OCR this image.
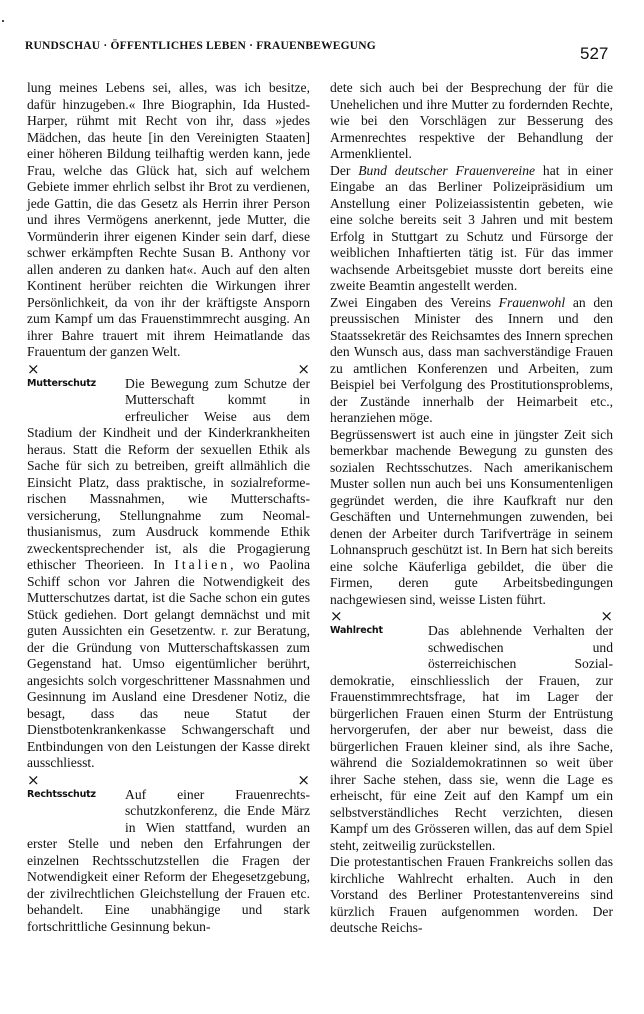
RUNDSCHAU · ÖFFENTLICHES LEBEN · FRAUENBEWEGUNG	527

lung meines Lebens sei, alles, was ich besitze, dafür hinzugeben.« Ihre Biographin, Ida Husted-Harper, rühmt mit Recht von ihr, dass »jedes Mädchen, das heute [in den Vereinigten Staaten] einer höheren Bildung teilhaftig werden kann, jede Frau, welche das Glück hat, sich auf welchem Gebiete immer ehrlich selbst ihr Brot zu verdienen, jede Gattin, die das Gesetz als Herrin ihrer Person und ihres Vermögens anerkennt, jede Mutter, die Vormünderin ihrer eigenen Kinder sein darf, diese schwer erkämpften Rechte Susan B. Anthony vor allen anderen zu danken hat«. Auch auf den alten Kontinent herüber reichten die Wirkungen ihrer Persönlichkeit, da von ihr der kräftigste Ansporn zum Kampf um das Frauenstimmrecht ausging. An ihrer Bahre trauert mit ihrem Heimatlande das Frauentum der ganzen Welt.

×	×
Mutterschutz	Die Bewegung zum Schutze der Mutterschaft kommt in erfreulicher Weise aus dem Stadium der Kindheit und der Kinderkrankheiten heraus. Statt die Reform der sexuellen Ethik als Sache für sich zu betreiben, greift allmählich die Einsicht Platz, dass praktische, in sozialreformerischen Massnahmen, wie Mutterschaftsversicherung, Stellungnahme zum Neomalthusianismus, zum Ausdruck kommende Ethik zweckentsprechender ist, als die Progagierung ethischer Theorieen. In Italien, wo Paolina Schiff schon vor Jahren die Notwendigkeit des Mutterschutzes dartat, ist die Sache schon ein gutes Stück gediehen. Dort gelangt demnächst und mit guten Aussichten ein Gesetzentw. r. zur Beratung, der die Gründung von Mutterschaftskassen zum Gegenstand hat. Umso eigentümlicher berührt, angesichts solch vorgeschrittener Massnahmen und Gesinnung im Ausland eine Dresdener Notiz, die besagt, dass das neue Statut der Dienstbotenkrankenkasse Schwangerschaft und Entbindungen von den Leistungen der Kasse direkt ausschliesst.

×	×
Rechtsschutz	Auf einer Frauenrechtsschutzkonferenz, die Ende März in Wien stattfand, wurden an erster Stelle und neben den Erfahrungen der einzelnen Rechtsschutzstellen die Fragen der Notwendigkeit einer Reform der Ehegesetzgebung, der zivilrechtlichen Gleichstellung der Frauen etc. behandelt. Eine unabhängige und stark fortschrittliche Gesinnung bekun-

dete sich auch bei der Besprechung der für die Unehelichen und ihre Mutter zu fordernden Rechte, wie bei den Vorschlägen zur Besserung des Armenrechtes respektive der Behandlung der Armenklientel.

Der Bund deutscher Frauenvereine hat in einer Eingabe an das Berliner Polizeipräsidium um Anstellung einer Polizeiassistentin gebeten, wie eine solche bereits seit 3 Jahren und mit bestem Erfolg in Stuttgart zu Schutz und Fürsorge der weiblichen Inhaftierten tätig ist. Für das immer wachsende Arbeitsgebiet musste dort bereits eine zweite Beamtin angestellt werden.

Zwei Eingaben des Vereins Frauenwohl an den preussischen Minister des Innern und den Staatssekretär des Reichsamtes des Innern sprechen den Wunsch aus, dass man sachverständige Frauen zu amtlichen Konferenzen und Arbeiten, zum Beispiel bei Verfolgung des Prostitutionsproblems, der Zustände innerhalb der Heimarbeit etc., heranziehen möge.

Begrüssenswert ist auch eine in jüngster Zeit sich bemerkbar machende Bewegung zu gunsten des sozialen Rechtsschutzes. Nach amerikanischem Muster sollen nun auch bei uns Konsumentenligen gegründet werden, die ihre Kaufkraft nur den Geschäften und Unternehmungen zuwenden, bei denen der Arbeiter durch Tarifverträge in seinem Lohnanspruch geschützt ist. In Bern hat sich bereits eine solche Käuferliga gebildet, die über die Firmen, deren gute Arbeitsbedingungen nachgewiesen sind, weisse Listen führt.

×	×
Wahlrecht	Das ablehnende Verhalten der schwedischen und österreichischen Sozialdemokratie, einschliesslich der Frauen, zur Frauenstimmrechtsfrage, hat im Lager der bürgerlichen Frauen einen Sturm der Entrüstung hervorgerufen, der aber nur beweist, dass die bürgerlichen Frauen kleiner sind, als ihre Sache, während die Sozialdemokratinnen so weit über ihrer Sache stehen, dass sie, wenn die Lage es erheischt, für eine Zeit auf den Kampf um ein selbstverständliches Recht verzichten, diesen Kampf um des Grösseren willen, das auf dem Spiel steht, zeitweilig zurückstellen.

Die protestantischen Frauen Frankreichs sollen das kirchliche Wahlrecht erhalten. Auch in den Vorstand des Berliner Protestantenvereins sind kürzlich Frauen aufgenommen worden. Der deutsche Reichs-
